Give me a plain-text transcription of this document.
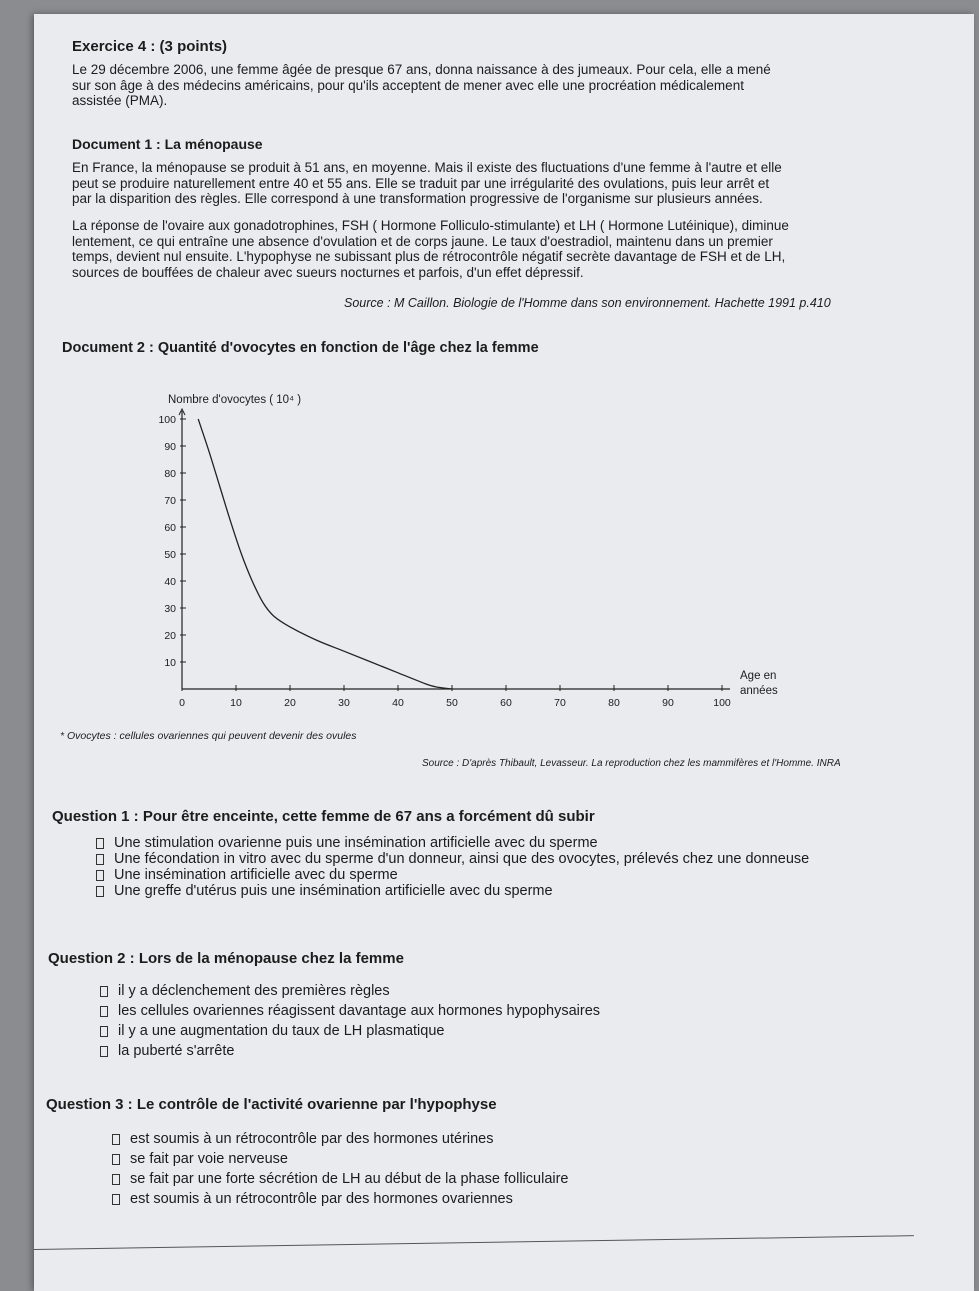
Exercice 4 : (3 points)
Le 29 décembre 2006, une femme âgée de presque 67 ans, donna naissance à des jumeaux. Pour cela, elle a mené
sur son âge à des médecins américains, pour qu'ils acceptent de mener avec elle une procréation médicalement
assistée (PMA).
Document 1 : La ménopause
En France, la ménopause se produit à 51 ans, en moyenne. Mais il existe des fluctuations d'une femme à l'autre et elle
peut se produire naturellement entre 40 et 55 ans. Elle se traduit par une irrégularité des ovulations, puis leur arrêt et
par la disparition des règles. Elle correspond à une transformation progressive de l'organisme sur plusieurs années.
La réponse de l'ovaire aux gonadotrophines, FSH ( Hormone Folliculo-stimulante) et LH ( Hormone Lutéinique), diminue
lentement, ce qui entraîne une absence d'ovulation et de corps jaune. Le taux d'oestradiol, maintenu dans un premier
temps, devient nul ensuite. L'hypophyse ne subissant plus de rétrocontrôle négatif secrète davantage de FSH et de LH,
sources de bouffées de chaleur avec sueurs nocturnes et parfois, d'un effet dépressif.
Source : M Caillon. Biologie de l'Homme dans son environnement. Hachette 1991 p.410
Document 2 : Quantité d'ovocytes en fonction de l'âge chez la femme
0	10	20	30	40	50	60	70	80	90	100
10
20
30
40
50
60
70
80
90
100
Nombre d'ovocytes ( 10⁴ )
Age en
années
* Ovocytes : cellules ovariennes qui peuvent devenir des ovules
Source : D'après Thibault, Levasseur. La reproduction chez les mammifères et l'Homme. INRA
Question 1 : Pour être enceinte, cette femme de 67 ans a forcément dû subir
Une stimulation ovarienne puis une insémination artificielle avec du sperme
Une fécondation in vitro avec du sperme d'un donneur, ainsi que des ovocytes, prélevés chez une donneuse
Une insémination artificielle avec du sperme
Une greffe d'utérus puis une insémination artificielle avec du sperme
Question 2 : Lors de la ménopause chez la femme
il y a déclenchement des premières règles
les cellules ovariennes réagissent davantage aux hormones hypophysaires
il y a une augmentation du taux de LH plasmatique
la puberté s'arrête
Question 3 : Le contrôle de l'activité ovarienne par l'hypophyse
est soumis à un rétrocontrôle par des hormones utérines
se fait par voie nerveuse
se fait par une forte sécrétion de LH au début de la phase folliculaire
est soumis à un rétrocontrôle par des hormones ovariennes
